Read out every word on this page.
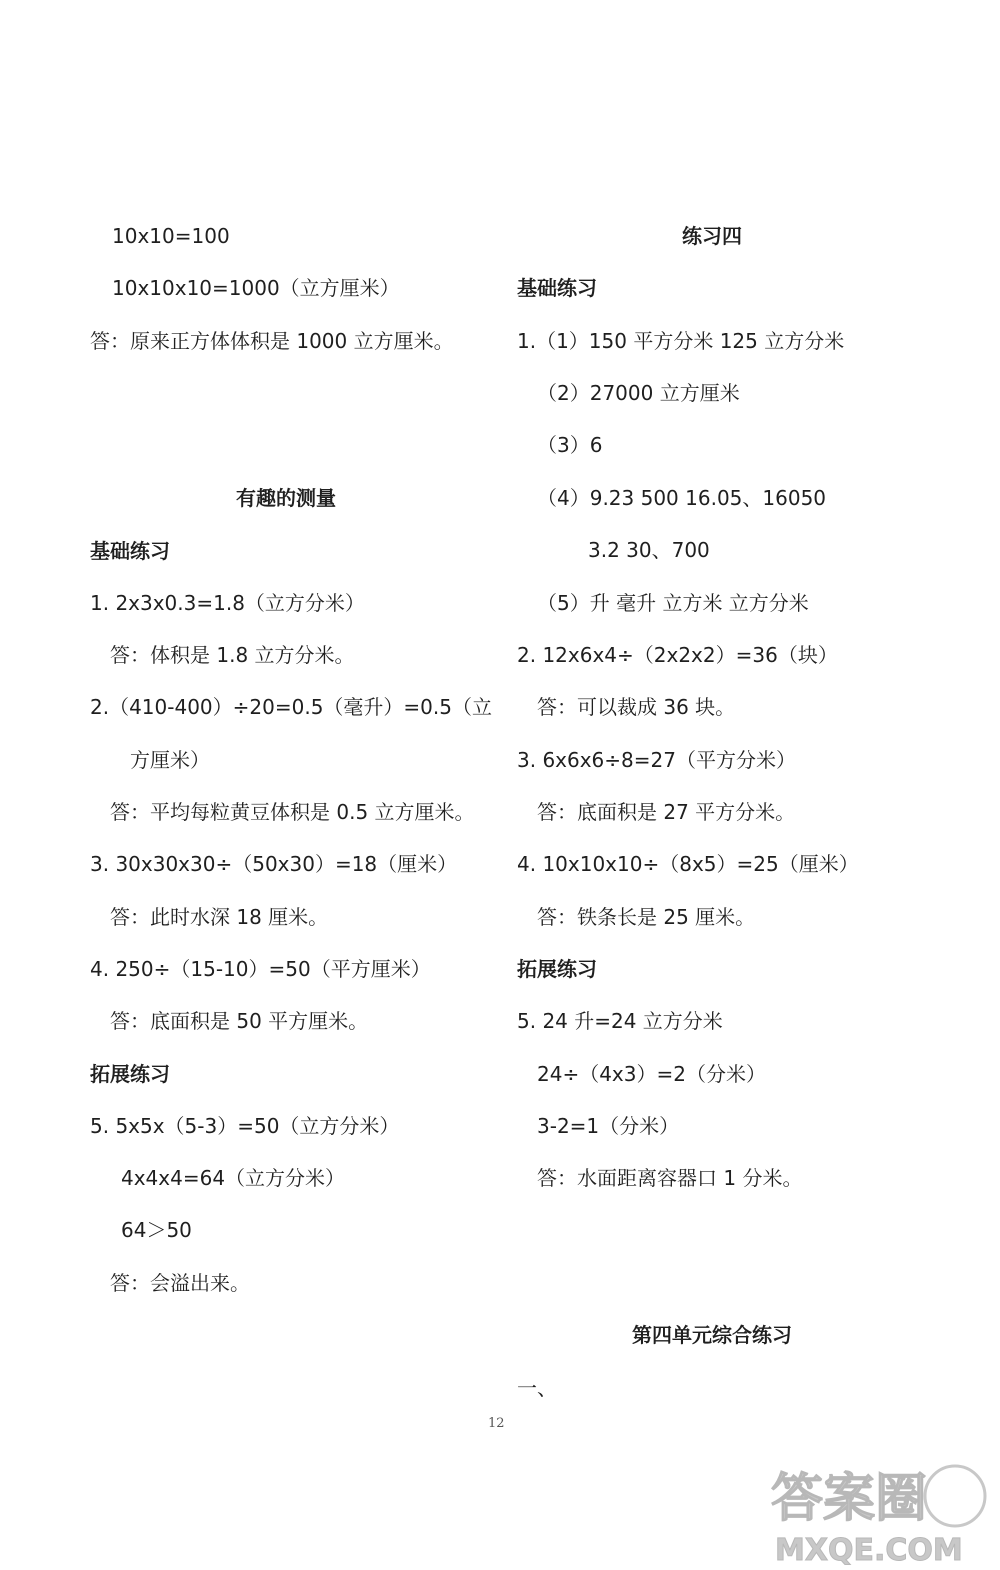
10x10=100
10x10x10=1000（立方厘米）
答：原来正方体体积是 1000 立方厘米。
有趣的测量
基础练习
1. 2x3x0.3=1.8（立方分米）
答：体积是 1.8 立方分米。
2.（410-400）÷20=0.5（毫升）=0.5（立
方厘米）
答：平均每粒黄豆体积是 0.5 立方厘米。
3. 30x30x30÷（50x30）=18（厘米）
答：此时水深 18 厘米。
4. 250÷（15-10）=50（平方厘米）
答：底面积是 50 平方厘米。
拓展练习
5. 5x5x（5-3）=50（立方分米）
4x4x4=64（立方分米）
64＞50
答：会溢出来。
练习四
基础练习
1.（1）150 平方分米 125 立方分米
（2）27000 立方厘米
（3）6
（4）9.23 500 16.05、16050
3.2 30、700
（5）升 毫升 立方米 立方分米
2. 12x6x4÷（2x2x2）=36（块）
答：可以裁成 36 块。
3. 6x6x6÷8=27（平方分米）
答：底面积是 27 平方分米。
4. 10x10x10÷（8x5）=25（厘米）
答：铁条长是 25 厘米。
拓展练习
5. 24 升=24 立方分米
24÷（4x3）=2（分米）
3-2=1（分米）
答：水面距离容器口 1 分米。
第四单元综合练习
一、
12
答案圈
MXQE.COM
